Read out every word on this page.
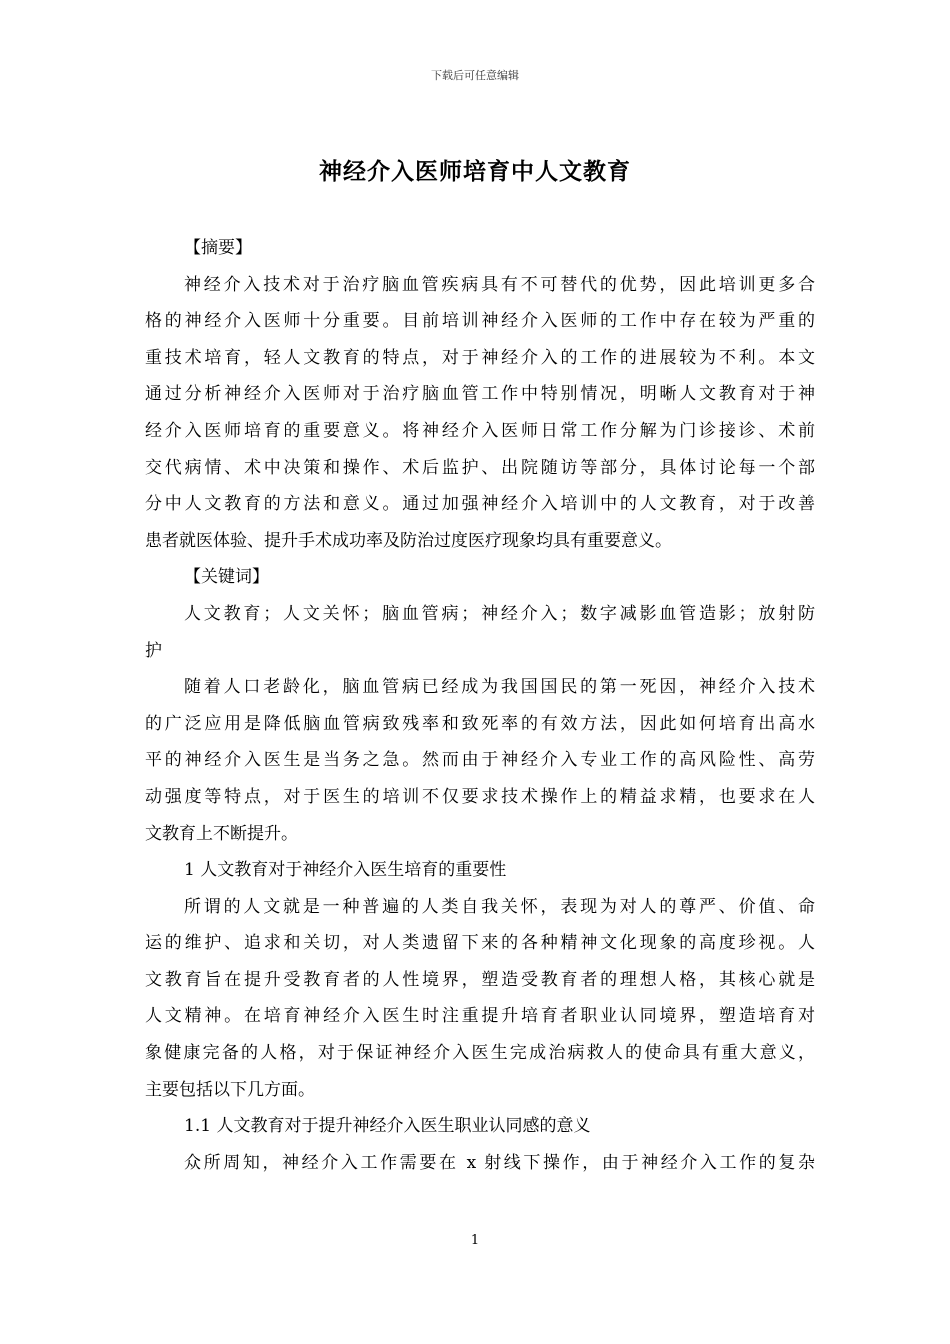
下载后可任意编辑
神经介入医师培育中人文教育
【摘要】
神经介入技术对于治疗脑血管疾病具有不可替代的优势，因此培训更多合
格的神经介入医师十分重要。目前培训神经介入医师的工作中存在较为严重的
重技术培育，轻人文教育的特点，对于神经介入的工作的进展较为不利。本文
通过分析神经介入医师对于治疗脑血管工作中特别情况，明晰人文教育对于神
经介入医师培育的重要意义。将神经介入医师日常工作分解为门诊接诊、术前
交代病情、术中决策和操作、术后监护、出院随访等部分，具体讨论每一个部
分中人文教育的方法和意义。通过加强神经介入培训中的人文教育，对于改善
患者就医体验、提升手术成功率及防治过度医疗现象均具有重要意义。
【关键词】
人文教育；人文关怀；脑血管病；神经介入；数字减影血管造影；放射防
护
随着人口老龄化，脑血管病已经成为我国国民的第一死因，神经介入技术
的广泛应用是降低脑血管病致残率和致死率的有效方法，因此如何培育出高水
平的神经介入医生是当务之急。然而由于神经介入专业工作的高风险性、高劳
动强度等特点，对于医生的培训不仅要求技术操作上的精益求精，也要求在人
文教育上不断提升。
1 人文教育对于神经介入医生培育的重要性
所谓的人文就是一种普遍的人类自我关怀，表现为对人的尊严、价值、命
运的维护、追求和关切，对人类遗留下来的各种精神文化现象的高度珍视。人
文教育旨在提升受教育者的人性境界，塑造受教育者的理想人格，其核心就是
人文精神。在培育神经介入医生时注重提升培育者职业认同境界，塑造培育对
象健康完备的人格，对于保证神经介入医生完成治病救人的使命具有重大意义，
主要包括以下几方面。
1.1 人文教育对于提升神经介入医生职业认同感的意义
众所周知，神经介入工作需要在 x 射线下操作，由于神经介入工作的复杂
1
